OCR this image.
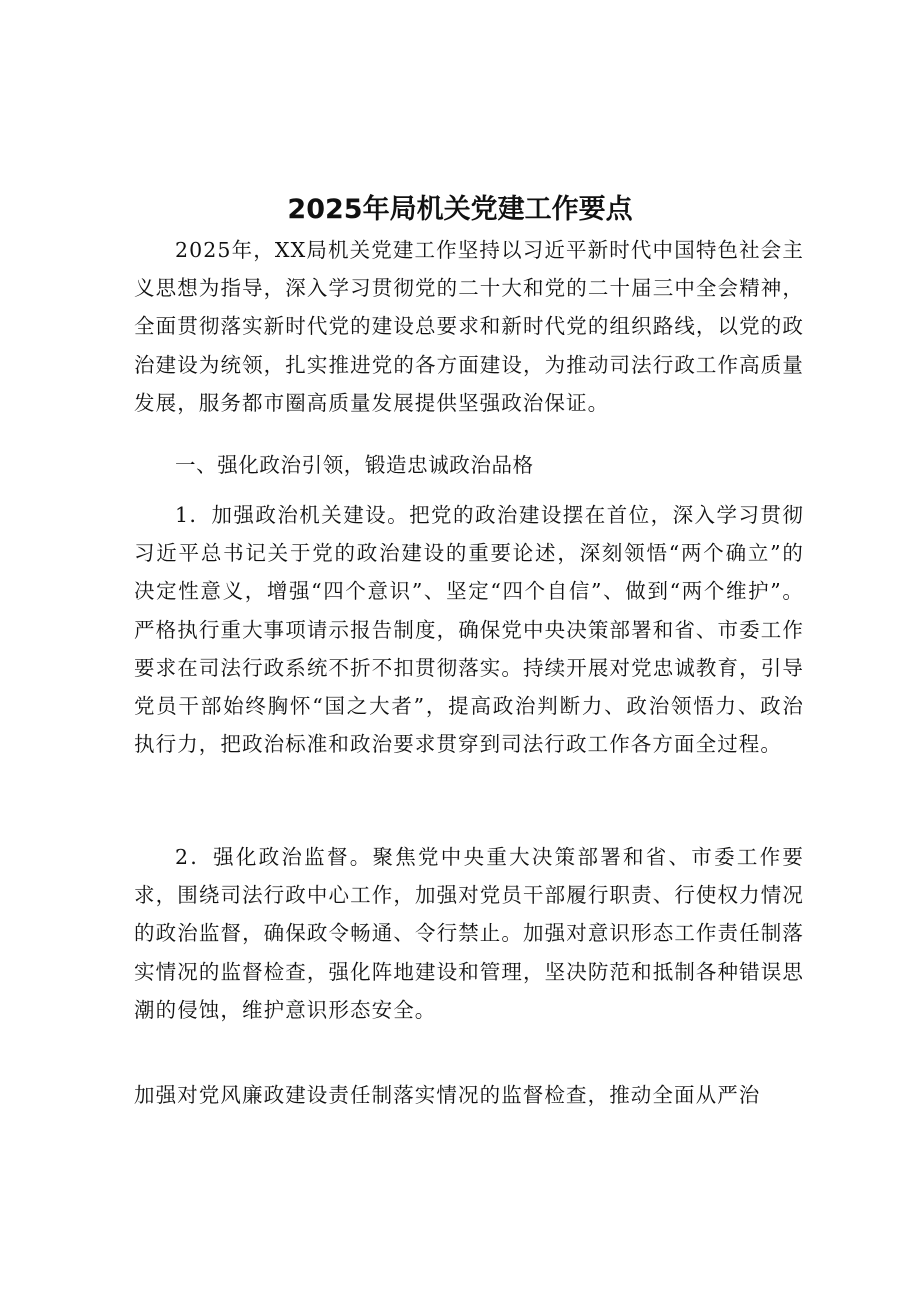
2025年局机关党建工作要点

2025年，XX局机关党建工作坚持以习近平新时代中国特色社会主义思想为指导，深入学习贯彻党的二十大和党的二十届三中全会精神，全面贯彻落实新时代党的建设总要求和新时代党的组织路线，以党的政治建设为统领，扎实推进党的各方面建设，为推动司法行政工作高质量发展，服务都市圈高质量发展提供坚强政治保证。

一、强化政治引领，锻造忠诚政治品格

1．加强政治机关建设。把党的政治建设摆在首位，深入学习贯彻习近平总书记关于党的政治建设的重要论述，深刻领悟“两个确立”的决定性意义，增强“四个意识”、坚定“四个自信”、做到“两个维护”。严格执行重大事项请示报告制度，确保党中央决策部署和省、市委工作要求在司法行政系统不折不扣贯彻落实。持续开展对党忠诚教育，引导党员干部始终胸怀“国之大者”，提高政治判断力、政治领悟力、政治执行力，把政治标准和政治要求贯穿到司法行政工作各方面全过程。

2．强化政治监督。聚焦党中央重大决策部署和省、市委工作要求，围绕司法行政中心工作，加强对党员干部履行职责、行使权力情况的政治监督，确保政令畅通、令行禁止。加强对意识形态工作责任制落实情况的监督检查，强化阵地建设和管理，坚决防范和抵制各种错误思潮的侵蚀，维护意识形态安全。

加强对党风廉政建设责任制落实情况的监督检查，推动全面从严治
